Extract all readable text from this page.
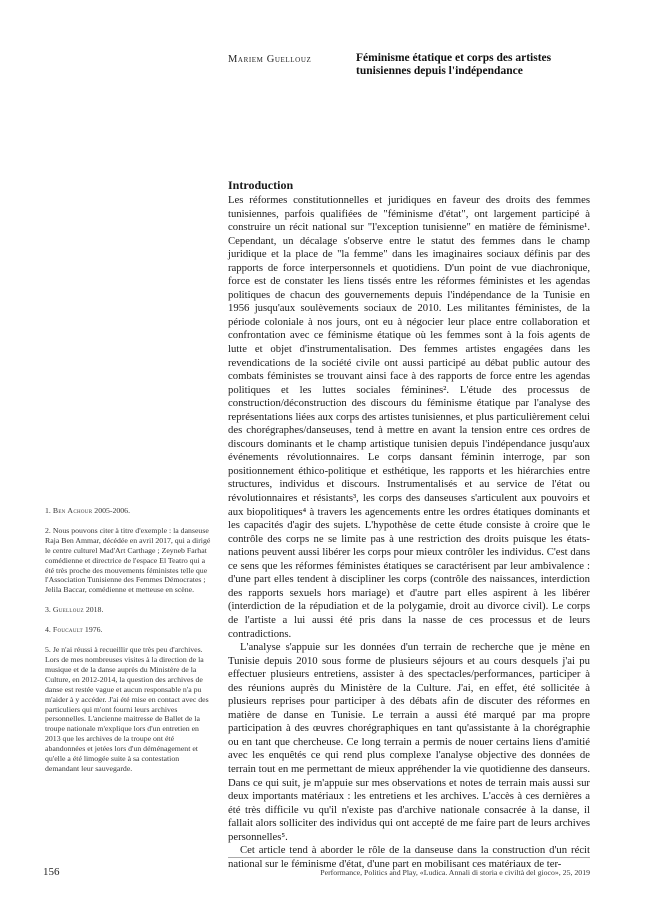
Mariem Guellouz	Féminisme étatique et corps des artistes tunisiennes depuis l'indépendance
Introduction

Les réformes constitutionnelles et juridiques en faveur des droits des femmes tunisiennes, parfois qualifiées de "féminisme d'état", ont largement participé à construire un récit national sur "l'exception tunisienne" en matière de féminisme¹. Cependant, un décalage s'observe entre le statut des femmes dans le champ juridique et la place de "la femme" dans les imaginaires sociaux définis par des rapports de force interpersonnels et quotidiens. D'un point de vue diachronique, force est de constater les liens tissés entre les réformes féministes et les agendas politiques de chacun des gouvernements depuis l'indépendance de la Tunisie en 1956 jusqu'aux soulèvements sociaux de 2010. Les militantes féministes, de la période coloniale à nos jours, ont eu à négocier leur place entre collaboration et confrontation avec ce féminisme étatique où les femmes sont à la fois agents de lutte et objet d'instrumentalisation. Des femmes artistes engagées dans les revendications de la société civile ont aussi participé au débat public autour des combats féministes se trouvant ainsi face à des rapports de force entre les agendas politiques et les luttes sociales féminines². L'étude des processus de construction/déconstruction des discours du féminisme étatique par l'analyse des représentations liées aux corps des artistes tunisiennes, et plus particulièrement celui des chorégraphes/danseuses, tend à mettre en avant la tension entre ces ordres de discours dominants et le champ artistique tunisien depuis l'indépendance jusqu'aux événements révolutionnaires. Le corps dansant féminin interroge, par son positionnement éthico-politique et esthétique, les rapports et les hiérarchies entre structures, individus et discours. Instrumentalisés et au service de l'état ou révolutionnaires et résistants³, les corps des danseuses s'articulent aux pouvoirs et aux biopolitiques⁴ à travers les agencements entre les ordres étatiques dominants et les capacités d'agir des sujets. L'hypothèse de cette étude consiste à croire que le contrôle des corps ne se limite pas à une restriction des droits puisque les états-nations peuvent aussi libérer les corps pour mieux contrôler les individus. C'est dans ce sens que les réformes féministes étatiques se caractérisent par leur ambivalence : d'une part elles tendent à discipliner les corps (contrôle des naissances, interdiction des rapports sexuels hors mariage) et d'autre part elles aspirent à les libérer (interdiction de la répudiation et de la polygamie, droit au divorce civil). Le corps de l'artiste a lui aussi été pris dans la nasse de ces processus et de leurs contradictions.

L'analyse s'appuie sur les données d'un terrain de recherche que je mène en Tunisie depuis 2010 sous forme de plusieurs séjours et au cours desquels j'ai pu effectuer plusieurs entretiens, assister à des spectacles/performances, participer à des réunions auprès du Ministère de la Culture. J'ai, en effet, été sollicitée à plusieurs reprises pour participer à des débats afin de discuter des réformes en matière de danse en Tunisie. Le terrain a aussi été marqué par ma propre participation à des œuvres chorégraphiques en tant qu'assistante à la chorégraphie ou en tant que chercheuse. Ce long terrain a permis de nouer certains liens d'amitié avec les enquêtés ce qui rend plus complexe l'analyse objective des données de terrain tout en me permettant de mieux appréhender la vie quotidienne des danseurs. Dans ce qui suit, je m'appuie sur mes observations et notes de terrain mais aussi sur deux importants matériaux : les entretiens et les archives. L'accès à ces dernières a été très difficile vu qu'il n'existe pas d'archive nationale consacrée à la danse, il fallait alors solliciter des individus qui ont accepté de me faire part de leurs archives personnelles⁵.

Cet article tend à aborder le rôle de la danseuse dans la construction d'un récit national sur le féminisme d'état, d'une part en mobilisant ces matériaux de ter-

1. Ben Achour 2005-2006.
2. Nous pouvons citer à titre d'exemple : la danseuse Raja Ben Ammar, décédée en avril 2017, qui a dirigé le centre culturel Mad'Art Carthage ; Zeyneb Farhat comédienne et directrice de l'espace El Teatro qui a été très proche des mouvements féministes telle que l'Association Tunisienne des Femmes Démocrates ; Jelila Baccar, comédienne et metteuse en scène.
3. Guellouz 2018.
4. Foucault 1976.
5. Je n'ai réussi à recueillir que très peu d'archives. Lors de mes nombreuses visites à la direction de la musique et de la danse auprès du Ministère de la Culture, en 2012-2014, la question des archives de danse est restée vague et aucun responsable n'a pu m'aider à y accéder. J'ai été mise en contact avec des particuliers qui m'ont fourni leurs archives personnelles. L'ancienne maitresse de Ballet de la troupe nationale m'explique lors d'un entretien en 2013 que les archives de la troupe ont été abandonnées et jetées lors d'un déménagement et qu'elle a été limogée suite à sa contestation demandant leur sauvegarde.
156	Performance, Politics and Play, «Ludica. Annali di storia e civiltà del gioco», 25, 2019
